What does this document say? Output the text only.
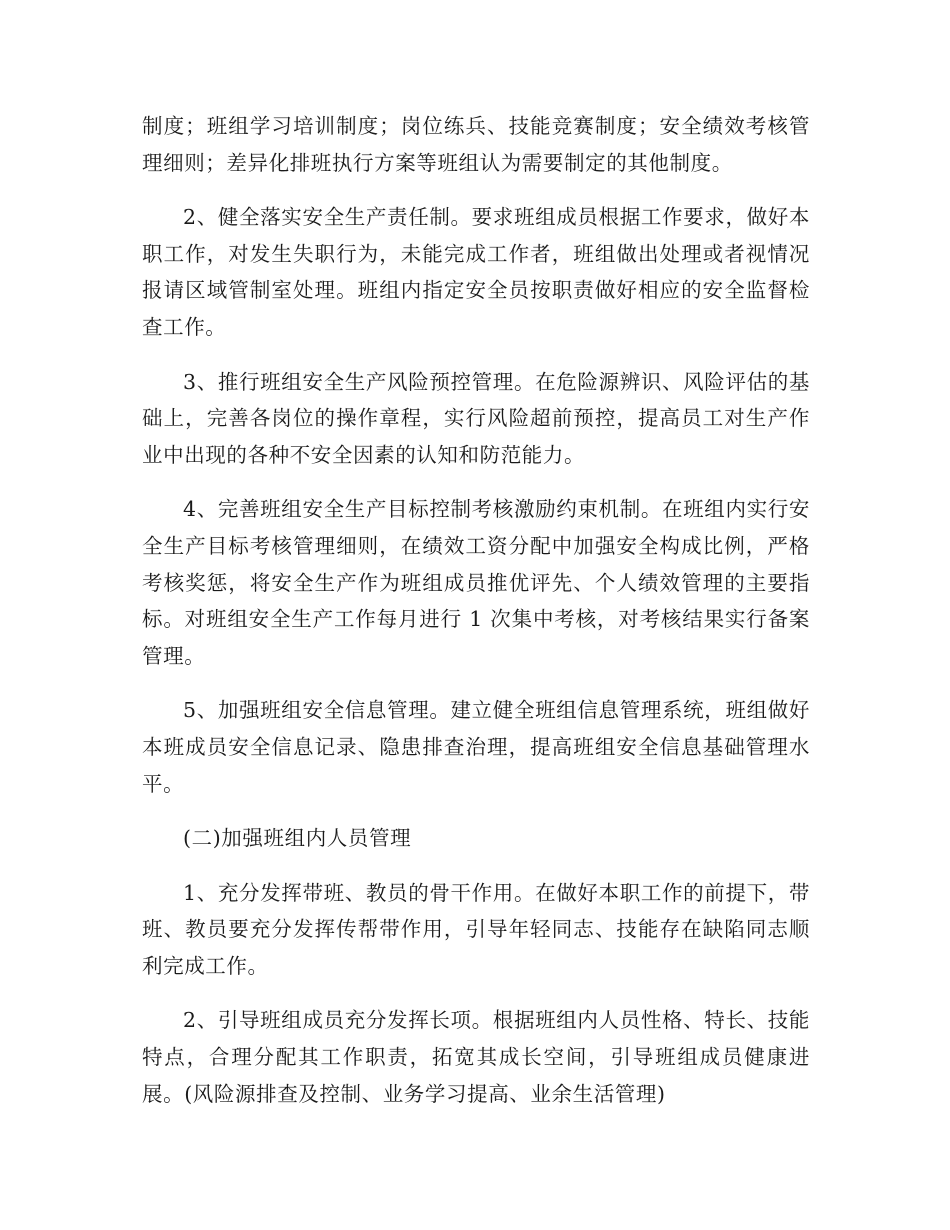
制度；班组学习培训制度；岗位练兵、技能竞赛制度；安全绩效考核管理细则；差异化排班执行方案等班组认为需要制定的其他制度。

2、健全落实安全生产责任制。要求班组成员根据工作要求，做好本职工作，对发生失职行为，未能完成工作者，班组做出处理或者视情况报请区域管制室处理。班组内指定安全员按职责做好相应的安全监督检查工作。

3、推行班组安全生产风险预控管理。在危险源辨识、风险评估的基础上，完善各岗位的操作章程，实行风险超前预控，提高员工对生产作业中出现的各种不安全因素的认知和防范能力。

4、完善班组安全生产目标控制考核激励约束机制。在班组内实行安全生产目标考核管理细则，在绩效工资分配中加强安全构成比例，严格考核奖惩，将安全生产作为班组成员推优评先、个人绩效管理的主要指标。对班组安全生产工作每月进行 1 次集中考核，对考核结果实行备案管理。

5、加强班组安全信息管理。建立健全班组信息管理系统，班组做好本班成员安全信息记录、隐患排查治理，提高班组安全信息基础管理水平。

(二)加强班组内人员管理

1、充分发挥带班、教员的骨干作用。在做好本职工作的前提下，带班、教员要充分发挥传帮带作用，引导年轻同志、技能存在缺陷同志顺利完成工作。

2、引导班组成员充分发挥长项。根据班组内人员性格、特长、技能特点，合理分配其工作职责，拓宽其成长空间，引导班组成员健康进展。(风险源排查及控制、业务学习提高、业余生活管理)
